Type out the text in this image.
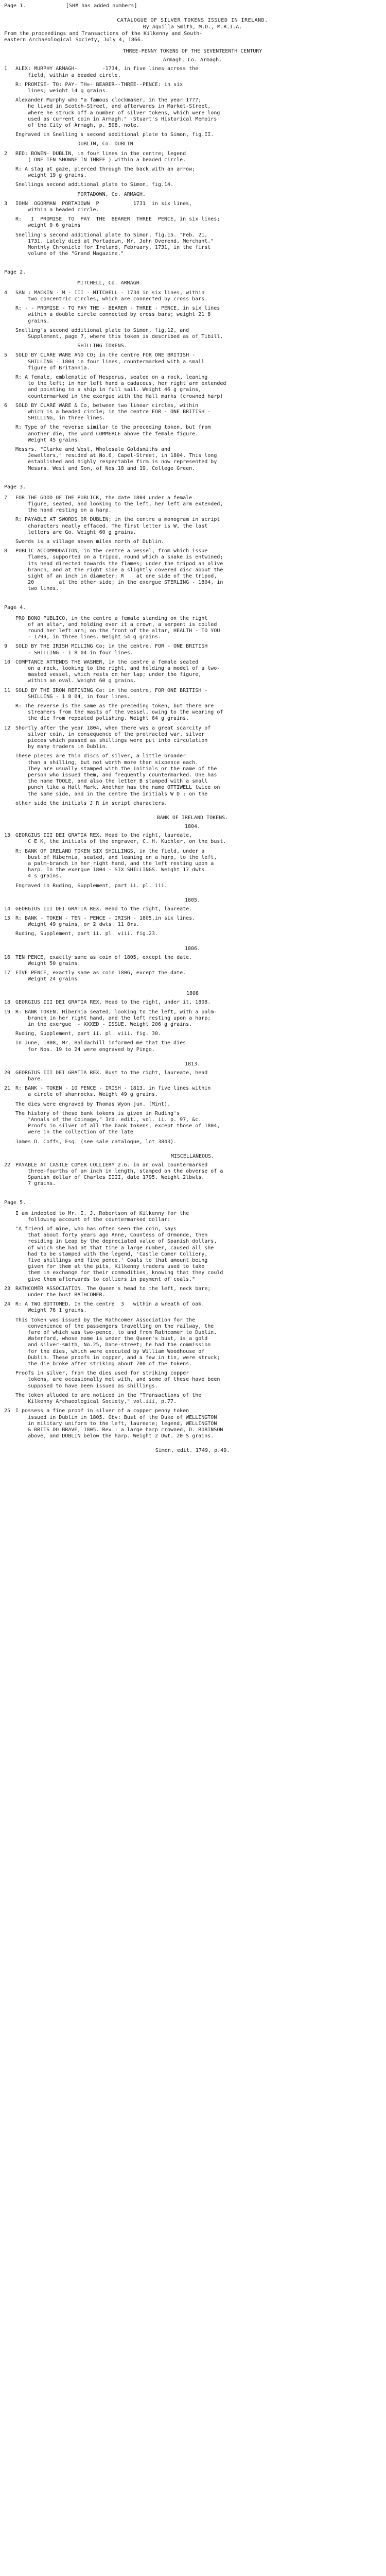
Page 1.	[SH# has added numbers]
CATALOGUE OF SILVER TOKENS ISSUED IN IRELAND.
By Aquilla Smith, M.D., M.R.I.A.

From the proceedings and Transactions of the Kilkenny and South-
eastern Archaeological Society, July 4, 1866.

THREE-PENNY TOKENS OF THE SEVENTEENTH CENTURY
Armagh, Co. Armagh.
1	ALEX: MURPHY ARMAGH-        -1734, in five lines across the
field, within a beaded circle.
R: PROMISE- TO: PAY- TH=- BEARER--THREE--PENCE: in six
lines; weight 14 g grains.
Alexander Murphy who "a famous clockmaker, in the year 1777;
he lived in Scotch-Street, and afterwards in Market-Street,
where he struck off a number of silver tokens, which were long
used as current coin in Armagh." -Stuart's Historical Memoirs
of the City of Armagh, p. 508, note.
Engraved in Snelling's second additional plate to Simon, fig.II.
DUBLIN, Co. DUBLIN
2	RED: BOWEN- DUBLIN, in four lines in the centre; legend
( ONE TEN SHOWNE IN THREE ) within a beaded circle.
R: A stag at gaze, pierced through the back with an arrow;
weight 19 g grains.
Snellings second additional plate to Simon, fig.14.
PORTADOWN, Co. ARMAGH.
3	IOHN  OGORMAN  PORTADOWN  P           1731  in six lines,
within a beaded circle.
R:   I  PROMISE  TO  PAY  THE  BEARER  THREE  PENCE, in six lines;
weight 9 6 grains
Snelling's second additional plate to Simon, fig.15. "Feb. 21,
1731. Lately died at Portadown, Mr. John Overend, Merchant."
Monthly Chronicle for Ireland, February, 1731, in the first
volume of the "Grand Magazine."
Page 2.
MITCHELL, Co. ARMAGH.
4	SAN : MACKIN - M - III - MITCHELL - 1734 in six lines, within
two concentric circles, which are connected by cross bars.
R: - - PROMISE - TO PAY THE - BEARER - THREE - PENCE, in six lines
within a double circle connected by cross bars; weight 21 8
grains.
Snelling's second additional plate to Simon, fig.12, and
Supplement, page 7, where this token is described as of Tibill.
SHILLING TOKENS.
5	SOLD BY CLARE WARE AND CO; in the centre FOR ONE BRITISH -
SHILLING - 1804 in four lines, countermarked with a small
figure of Britannia.
R: A female, emblematic of Hesperus, seated on a rock, leaning
to the left; in her left hand a cadaceus, her right arm extended
and pointing to a ship in full sail. Weight 46 g grains,
countermarked in the exergue with the Hall marks (crowned harp)
6	SOLD BY CLARE WARE & Co, between two linear circles, within
which is a beaded circle; in the centre FOR - ONE BRITISH -
SHILLING, in three lines.
R: Type of the reverse similar to the preceding token, but from
another die, the word COMMERCE above the female figure.
Weight 45 grains.
Messrs. "Clarke and West, Wholesale Goldsmiths and
Jewellers," resided at No.6, Capel-Street, in 1804. This long
established and highly respectable firm is now represented by
Messrs. West and Son, of Nos.18 and 19, College Green.
Page 3.
7	FOR THE GOOD OF THE PUBLICK, the date 1804 under a female
figure, seated, and looking to the left, her left arm extended,
the hand resting on a harp.
R: PAYABLE AT SWORDS OR DUBLIN; in the centre a monogram in script
characters neatly effaced. The first letter is W, the last
letters are Go. Weight 60 g grains.
Swords is a village seven miles north of Dublin.
8	PUBLIC ACCOMMODATION, in the centre a vessel, from which issue
flames, supported on a tripod, round which a snake is entwined;
its head directed towards the flames; under the tripod an olive
branch, and at the right side a slightly covered disc about the
sight of an inch in diameter; R    at one side of the tripod,
20        at the other side; in the exergue STERLING - 1804, in
two lines.
Page 4.
PRO BONO PUBLICO, in the centre a female standing on the right
of an altar, and holding over it a crown, a serpent is coiled
round her left arm; on the front of the altar, HEALTH - TO YOU
- 1799, in three lines. Weight 54 g grains.
9	SOLD BY THE IRISH MILLING Co; in the centre, FOR - ONE BRITISH
- SHILLING - 1 8 04 in four lines.
10 COMPTANCE ATTENDS THE WASHER, in the centre a female seated
on a rock, looking to the right, and holding a model of a two-
masted vessel, which rests on her lap; under the figure,
within an oval. Weight 60 g grains.
11 SOLD BY THE IRON REFINING Co: in the centre, FOR ONE BRITISH -
SHILLING - 1 8 04, in four lines.
R: The reverse is the same as the preceding token, but there are
streamers from the masts of the vessel, owing to the wearing of
the die from repeated polishing. Weight 64 g grains.
12 Shortly after the year 1804, when there was a great scarcity of
silver coin, in consequence of the protracted war, silver
pieces which passed as shillings were put into circulation
by many traders in Dublin.
These pieces are thin discs of silver, a little broader
than a shilling, but not worth more than sixpence each.
They are usually stamped with the initials or the name of the
person who issued them, and frequently countermarked. One has
the name TOOLE, and also the letter B stamped with a small
punch like a Hall Mark. Another has the name OTTIWELL twice on
the same side, and in the centre the initials W D : on the
other side the initials J R in script characters.
BANK OF IRELAND TOKENS.
1804.
13 GEORGIUS III DEI GRATIA REX. Head to the right, laureate,
C E K, the initials of the engraver, C. H. Kuchler, on the bust.
R: BANK OF IRELAND TOKEN SIX SHILLINGS, in the field, under a
bust of Hibernia, seated, and leaning on a harp, to the left,
a palm-branch in her right hand, and the left resting upon a
harp. In the exergue 1804 - SIX SHILLINGS. Weight 17 dwts.
4 s grains.
Engraved in Ruding, Supplement, part ii. pl. iii.
1805.
14 GEORGIUS III DEI GRATIA REX. Head to the right, laureate.
15 R: BANK - TOKEN - TEN - PENCE - IRISH - 1805,in six lines.
Weight 49 grains, or 2 dwts. 11 8rs.
Ruding, Supplement, part ii. pl. viii. fig.23.
1806.
16 TEN PENCE, exactly same as coin of 1805, except the date.
Weight 50 grains.
17 FIVE PENCE, exactly same as coin 1806, except the date.
Weight 24 grains.
1808
18 GEORGIUS III DEI GRATIA REX. Head to the right, under it, 1808.
19 R: BANK TOKEN. Hibernia seated, looking to the left, with a palm-
branch in her right hand, and the left resting upon a harp;
in the exergue  - XXXED - ISSUE. Weight 206 g grains.
Ruding, Supplement, part ii. pl. viii. fig. 30.
In June, 1808, Mr. Baldachill informed me that the dies
for Nos. 19 to 24 were engraved by Pingo.
1813.
20 GEORGIUS III DEI GRATIA REX. Bust to the right, laureate, head
bare.
21 R: BANK - TOKEN - 10 PENCE - IRISH - 1813, in five lines within
a circle of shamrocks. Weight 49 g grains.
The dies were engraved by Thomas Wyon jun. (Mint).
The history of these bank tokens is given in Ruding's
"Annals of the Coinage," 3rd. edit., vol. ii. p. 97, &c.
Proofs in silver of all the bank tokens, except those of 1804,
were in the collection of the late
James D. Coffs, Esq. (see sale catalogue, lot 3843).
MISCELLANEOUS.
22 PAYABLE AT CASTLE COMER COLLIERY 2.6. in an oval countermarked
three-fourths of an inch in length, stamped on the obverse of a
Spanish dollar of Charles IIII, date 1795. Weight 2lbwts.
7 grains.
Page 5.
I am indebted to Mr. I. J. Robertson of Kilkenny for the
following account of the countermarked dollar:
"A friend of mine, who has often seen the coin, says
that about forty years ago Anne, Countess of Ormonde, then
residing in Leap by the depreciated value of Spanish dollars,
of which she had at that time a large number, caused all she
had to be stamped with the legend, 'Castle Comer Colliery,
five shillings and five pence.' Coals to that amount being
given for them at the pits, Kilkenny traders used to take
them in exchange for their commodities, knowing that they could
give them afterwards to colliers in payment of coals."
23 RATHCOMER ASSOCIATION. The Queen's head to the left, neck bare;
under the bust RATHCOMER.
24 R: A TWO BOTTOMED. In the centre  3   within a wreath of oak.
Weight 76 1 grains.
This token was issued by the Rathcomer Association for the
convenience of the passengers travelling on the railway, the
fare of which was two-pence, to and from Rathcomer to Dublin.
Waterford, whose name is under the Queen's bust, is a gold
and silver-smith, No.25, Dame-street; he had the commission
for the dies, which were executed by William Woodhouse of
Dublin. These proofs in copper, and a few in tin, were struck;
the die broke after striking about 700 of the tokens.
Proofs in silver, from the dies used for striking copper
tokens, are occasionally met with, and some of these have been
supposed to have been issued as shillings.
The token alluded to are noticed in the "Transactions of the
Kilkenny Archaeological Society," vol.iii, p.77.
25 I possess a fine proof in silver of a copper penny token
issued in Dublin in 1805. Obv: Bust of the Duke of WELLINGTON
in military uniform to the left, laureate; legend, WELLINGTON
& BRITS DO BRAVE, 1805. Rev.: a large harp crowned, D. ROBINSON
above, and DUBLIN below the harp. Weight 2 Dwt. 20 S grains.
Simon, edit. 1749, p.49.
